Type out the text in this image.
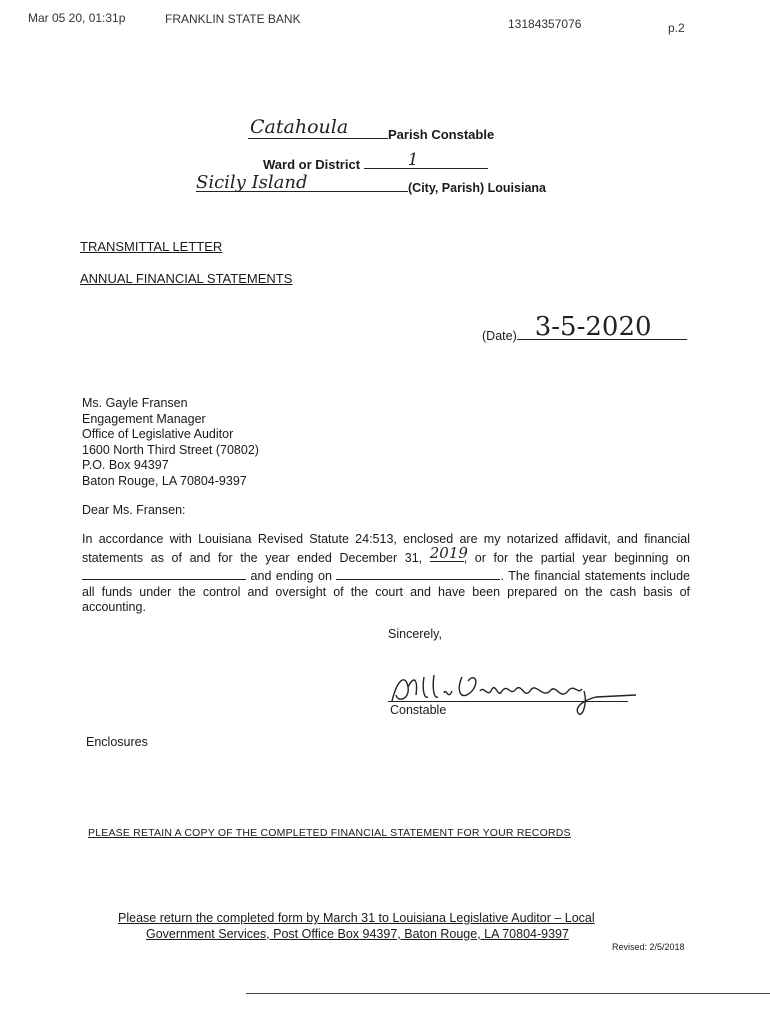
Mar 05 20, 01:31p	FRANKLIN STATE BANK	13184357076	p.2
Catahoula	Parish Constable
Ward or District	1
Sicily Island	(City, Parish) Louisiana
TRANSMITTAL LETTER
ANNUAL FINANCIAL STATEMENTS
(Date) 3-5-2020
Ms. Gayle Fransen
Engagement Manager
Office of Legislative Auditor
1600 North Third Street (70802)
P.O. Box 94397
Baton Rouge, LA 70804-9397
Dear Ms. Fransen:
In accordance with Louisiana Revised Statute 24:513, enclosed are my notarized affidavit, and financial statements as of and for the year ended December 31, 2019
, or for the partial year beginning on  and ending on	. The financial statements include all funds under the control and oversight of the court and have been prepared on the cash basis of accounting.
Sincerely,
Constable
Enclosures
PLEASE RETAIN A COPY OF THE COMPLETED FINANCIAL STATEMENT FOR YOUR RECORDS
Please return the completed form by March 31 to Louisiana Legislative Auditor – Local
Government Services, Post Office Box 94397, Baton Rouge, LA 70804-9397
Revised: 2/5/2018
